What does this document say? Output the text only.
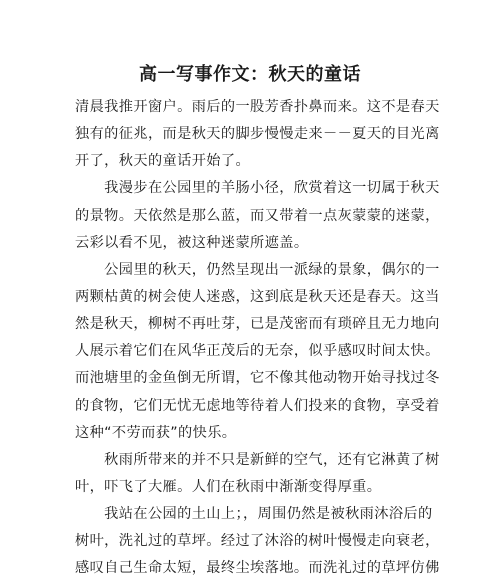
高一写事作文：秋天的童话

清晨我推开窗户。雨后的一股芳香扑鼻而来。这不是春天
独有的征兆，而是秋天的脚步慢慢走来－－夏天的目光离
开了，秋天的童话开始了。

　　我漫步在公园里的羊肠小径，欣赏着这一切属于秋天
的景物。天依然是那么蓝，而又带着一点灰蒙蒙的迷蒙，
云彩以看不见，被这种迷蒙所遮盖。

　　公园里的秋天，仍然呈现出一派绿的景象，偶尔的一
两颗枯黄的树会使人迷惑，这到底是秋天还是春天。这当
然是秋天，柳树不再吐芽，已是茂密而有琐碎且无力地向
人展示着它们在风华正茂后的无奈，似乎感叹时间太快。
而池塘里的金鱼倒无所谓，它不像其他动物开始寻找过冬
的食物，它们无忧无虑地等待着人们投来的食物，享受着
这种“不劳而获”的快乐。

　　秋雨所带来的并不只是新鲜的空气，还有它淋黄了树
叶，吓飞了大雁。人们在秋雨中渐渐变得厚重。

　　我站在公园的土山上；，周围仍然是被秋雨沐浴后的
树叶，洗礼过的草坪。经过了沐浴的树叶慢慢走向衰老，
感叹自己生命太短，最终尘埃落地。而洗礼过的草坪仿佛
